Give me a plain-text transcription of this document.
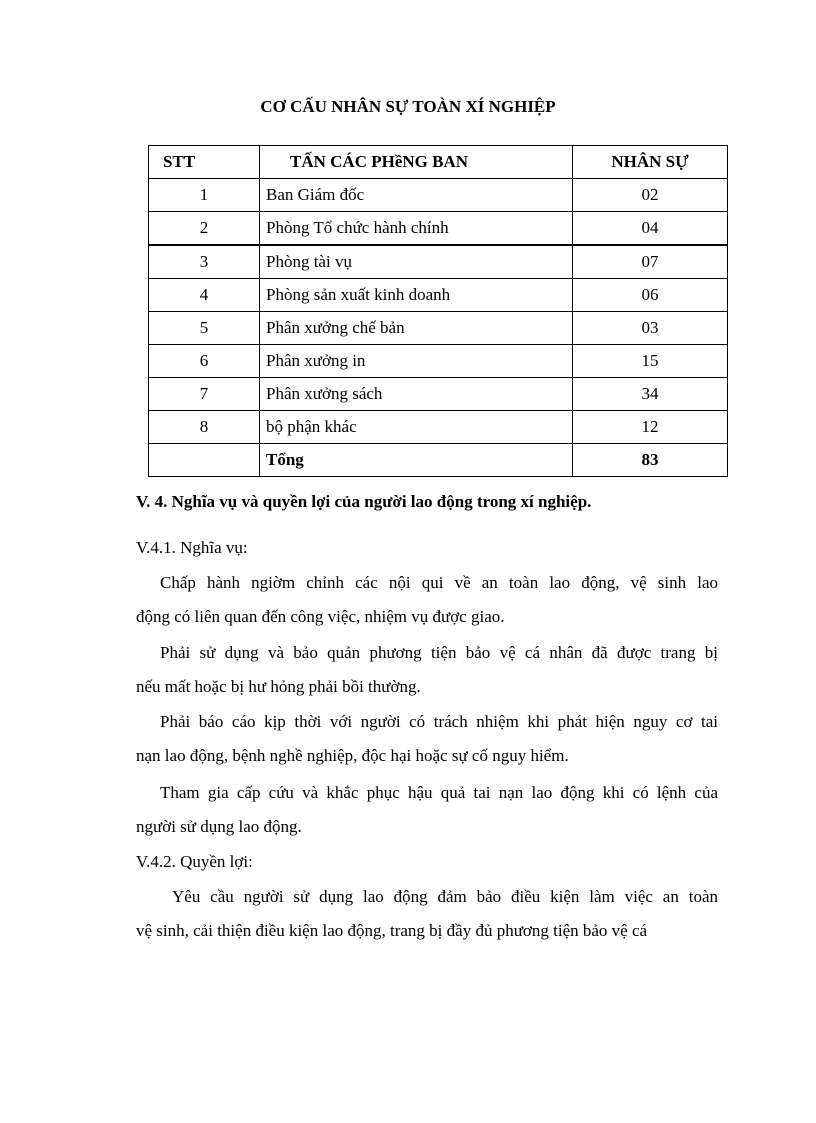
CƠ CẤU NHÂN SỰ TOÀN XÍ NGHIỆP
STT	TẤN CÁC PHềNG BAN	NHÂN SỰ
1	Ban Giám đốc	02
2	Phòng Tổ chức hành chính	04
3	Phòng tài vụ	07
4	Phòng sản xuất kinh doanh	06
5	Phân xưởng chế bản	03
6	Phân xưởng in	15
7	Phân xưởng sách	34
8	bộ phận khác	12
	Tổng	83
V. 4. Nghĩa vụ và quyền lợi của người lao động trong xí nghiệp.
V.4.1. Nghĩa vụ:
Chấp hành ngiờm chỉnh các nội qui về an toàn lao động, vệ sinh lao
động có liên quan đến công việc, nhiệm vụ được giao.
Phải sử dụng và bảo quản phương tiện bảo vệ cá nhân đã được trang bị
nếu mất hoặc bị hư hỏng phải bồi thường.
Phải báo cáo kịp thời với người có trách nhiệm khi phát hiện nguy cơ tai
nạn lao động, bệnh nghề nghiệp, độc hại hoặc sự cố nguy hiểm.
Tham gia cấp cứu và khắc phục hậu quả tai nạn lao động khi có lệnh của
người sử dụng lao động.
V.4.2. Quyền lợi:
Yêu cầu người sử dụng lao động đảm bảo điều kiện làm việc an toàn
vệ sinh, cải thiện điều kiện lao động, trang bị đầy đủ phương tiện bảo vệ cá
